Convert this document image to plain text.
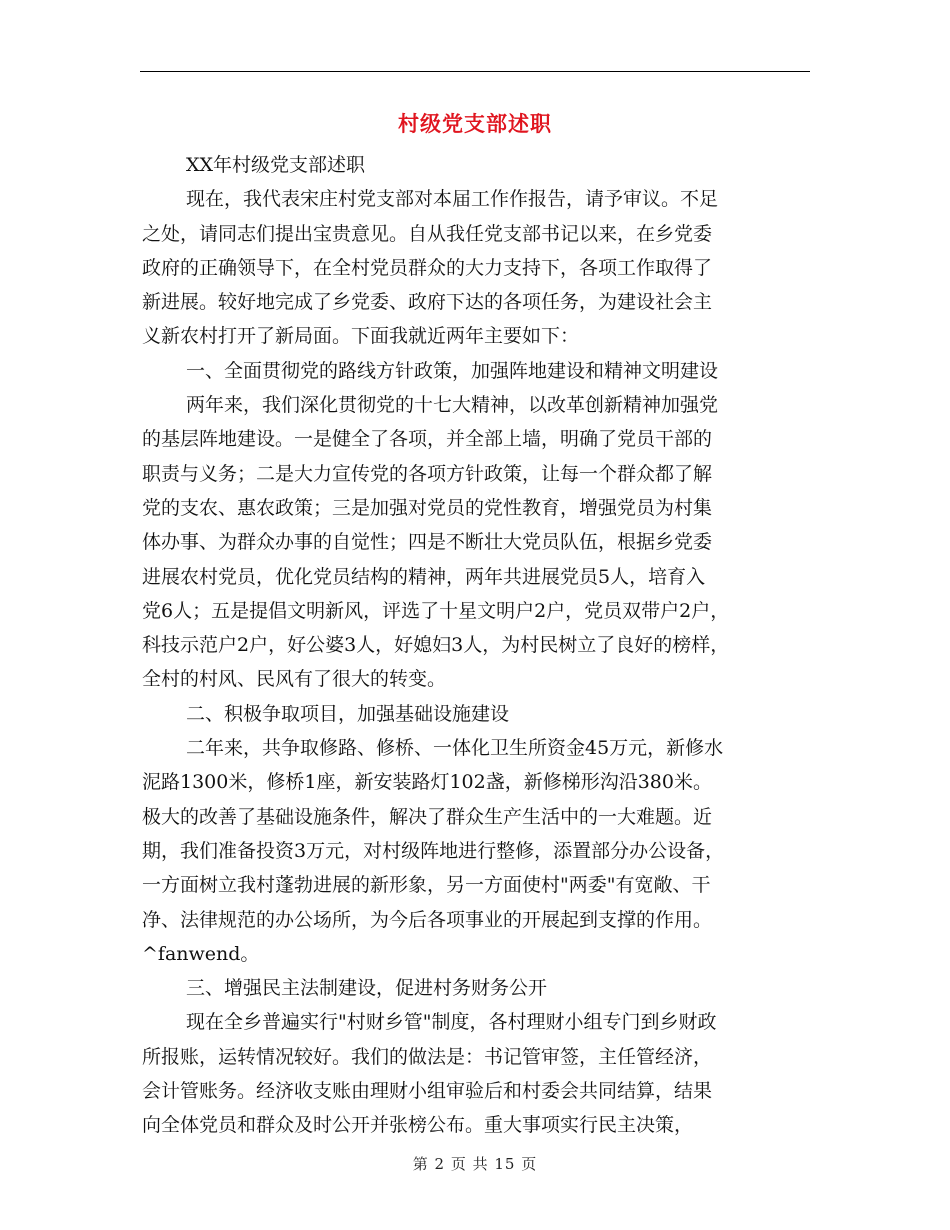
村级党支部述职
XX年村级党支部述职
现在，我代表宋庄村党支部对本届工作作报告，请予审议。不足
之处，请同志们提出宝贵意见。自从我任党支部书记以来，在乡党委
政府的正确领导下，在全村党员群众的大力支持下，各项工作取得了
新进展。较好地完成了乡党委、政府下达的各项任务，为建设社会主
义新农村打开了新局面。下面我就近两年主要如下：
一、全面贯彻党的路线方针政策，加强阵地建设和精神文明建设
两年来，我们深化贯彻党的十七大精神，以改革创新精神加强党
的基层阵地建设。一是健全了各项，并全部上墙，明确了党员干部的
职责与义务；二是大力宣传党的各项方针政策，让每一个群众都了解
党的支农、惠农政策；三是加强对党员的党性教育，增强党员为村集
体办事、为群众办事的自觉性；四是不断壮大党员队伍，根据乡党委
进展农村党员，优化党员结构的精神，两年共进展党员5人，培育入
党6人；五是提倡文明新风，评选了十星文明户2户，党员双带户2户，
科技示范户2户，好公婆3人，好媳妇3人，为村民树立了良好的榜样，
全村的村风、民风有了很大的转变。
二、积极争取项目，加强基础设施建设
二年来，共争取修路、修桥、一体化卫生所资金45万元，新修水
泥路1300米，修桥1座，新安装路灯102盏，新修梯形沟沿380米。
极大的改善了基础设施条件，解决了群众生产生活中的一大难题。近
期，我们准备投资3万元，对村级阵地进行整修，添置部分办公设备，
一方面树立我村蓬勃进展的新形象，另一方面使村"两委"有宽敞、干
净、法律规范的办公场所，为今后各项事业的开展起到支撑的作用。
^fanwend。
三、增强民主法制建设，促进村务财务公开
现在全乡普遍实行"村财乡管"制度，各村理财小组专门到乡财政
所报账，运转情况较好。我们的做法是：书记管审签，主任管经济，
会计管账务。经济收支账由理财小组审验后和村委会共同结算，结果
向全体党员和群众及时公开并张榜公布。重大事项实行民主决策，
第 2 页 共 15 页
